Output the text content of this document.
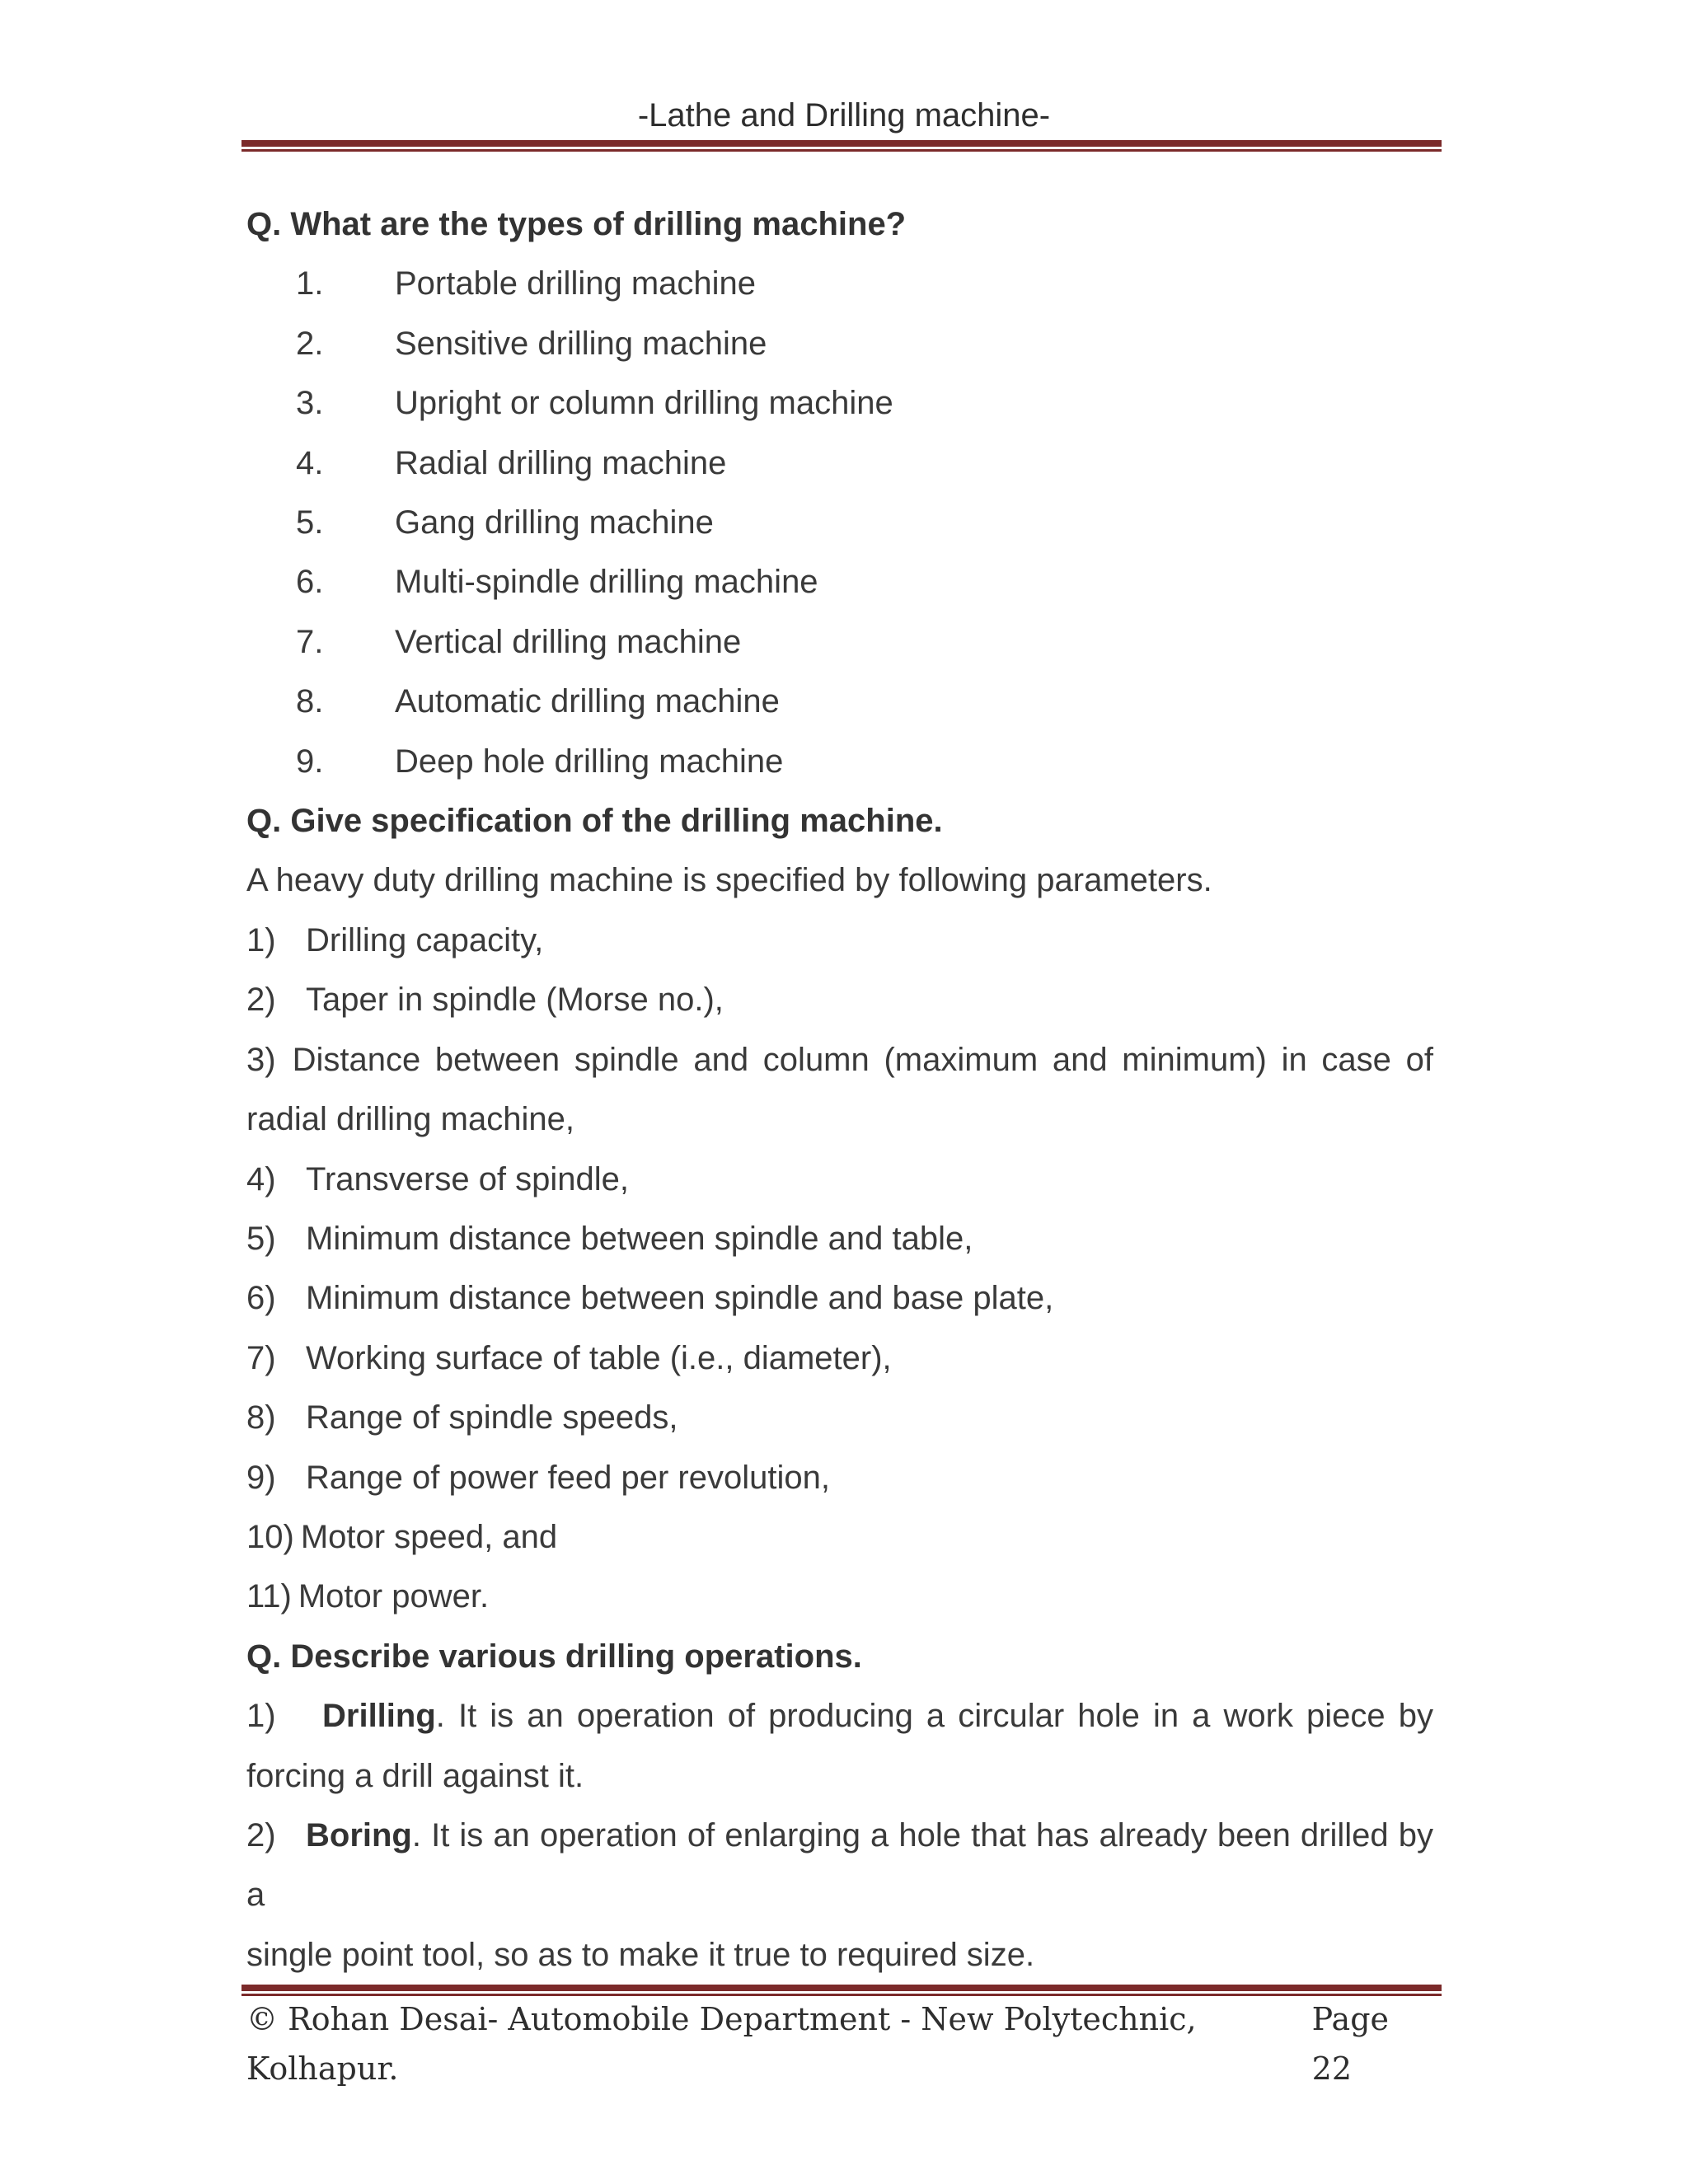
-Lathe and Drilling machine-
Q. What are the types of drilling machine?
1.	Portable drilling machine
2.	Sensitive drilling machine
3.	Upright or column drilling machine
4.	Radial drilling machine
5.	Gang drilling machine
6.	Multi-spindle drilling machine
7.	Vertical drilling machine
8.	Automatic drilling machine
9.	Deep hole drilling machine
Q. Give specification of the drilling machine.
A heavy duty drilling machine is specified by following parameters.
1) Drilling capacity,
2) Taper in spindle (Morse no.),
3) Distance between spindle and column (maximum and minimum) in case of
radial drilling machine,
4) Transverse of spindle,
5) Minimum distance between spindle and table,
6) Minimum distance between spindle and base plate,
7) Working surface of table (i.e., diameter),
8) Range of spindle speeds,
9) Range of power feed per revolution,
10) Motor speed, and
11) Motor power.
Q. Describe various drilling operations.
1) Drilling. It is an operation of producing a circular hole in a work piece by
forcing a drill against it.
2) Boring. It is an operation of enlarging a hole that has already been drilled by a
single point tool, so as to make it true to required size.
© Rohan Desai- Automobile Department - New Polytechnic, Kolhapur.
Page 22
